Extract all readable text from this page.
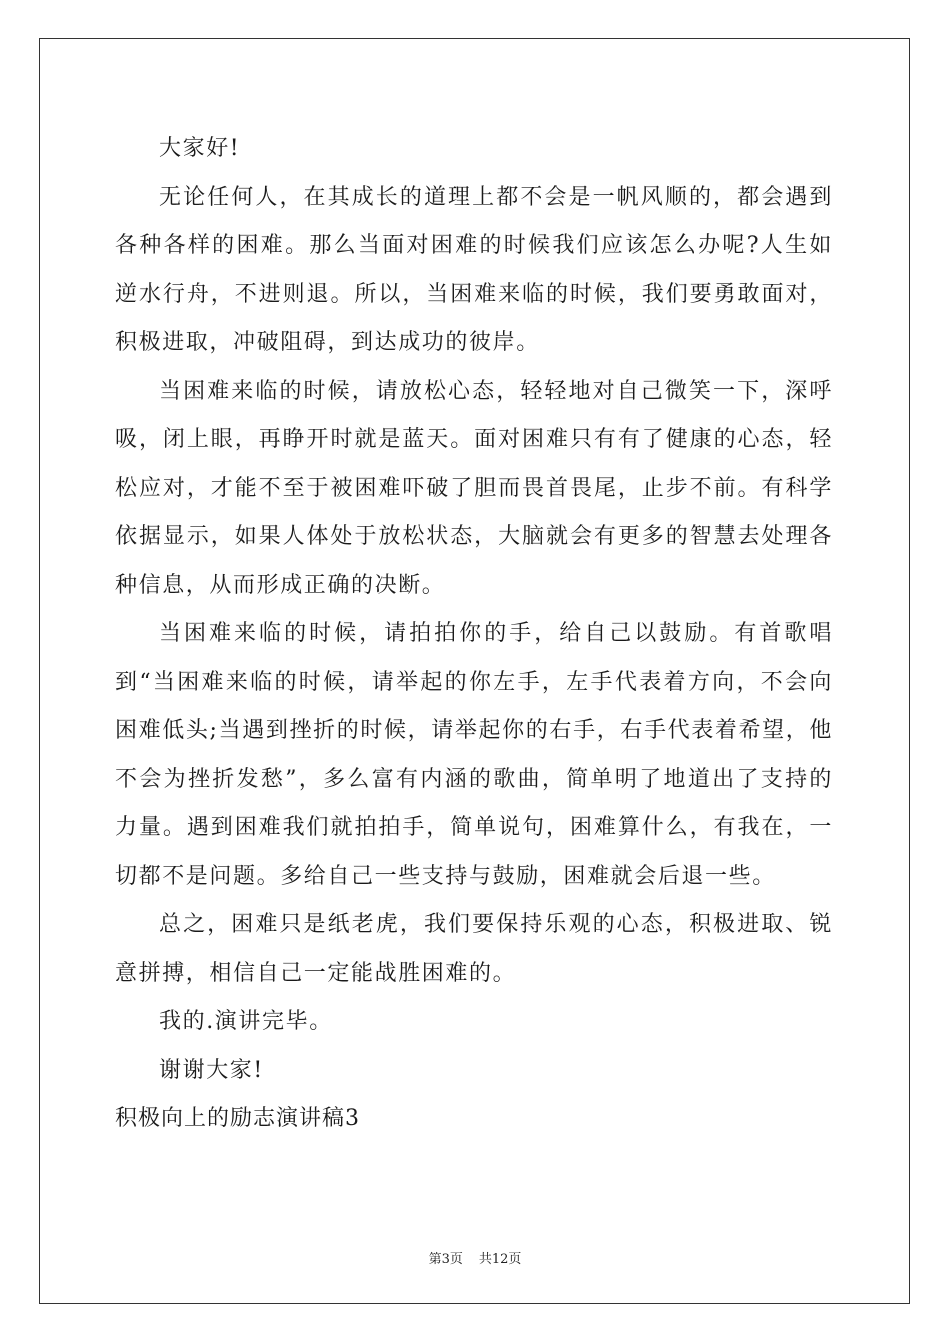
大家好!

无论任何人，在其成长的道理上都不会是一帆风顺的，都会遇到各种各样的困难。那么当面对困难的时候我们应该怎么办呢?人生如逆水行舟，不进则退。所以，当困难来临的时候，我们要勇敢面对，积极进取，冲破阻碍，到达成功的彼岸。

当困难来临的时候，请放松心态，轻轻地对自己微笑一下，深呼吸，闭上眼，再睁开时就是蓝天。面对困难只有有了健康的心态，轻松应对，才能不至于被困难吓破了胆而畏首畏尾，止步不前。有科学依据显示，如果人体处于放松状态，大脑就会有更多的智慧去处理各种信息，从而形成正确的决断。

当困难来临的时候，请拍拍你的手，给自己以鼓励。有首歌唱到“当困难来临的时候，请举起的你左手，左手代表着方向，不会向困难低头;当遇到挫折的时候，请举起你的右手，右手代表着希望，他不会为挫折发愁”，多么富有内涵的歌曲，简单明了地道出了支持的力量。遇到困难我们就拍拍手，简单说句，困难算什么，有我在，一切都不是问题。多给自己一些支持与鼓励，困难就会后退一些。

总之，困难只是纸老虎，我们要保持乐观的心态，积极进取、锐意拼搏，相信自己一定能战胜困难的。

我的.演讲完毕。

谢谢大家!

积极向上的励志演讲稿3

第3页 共12页
